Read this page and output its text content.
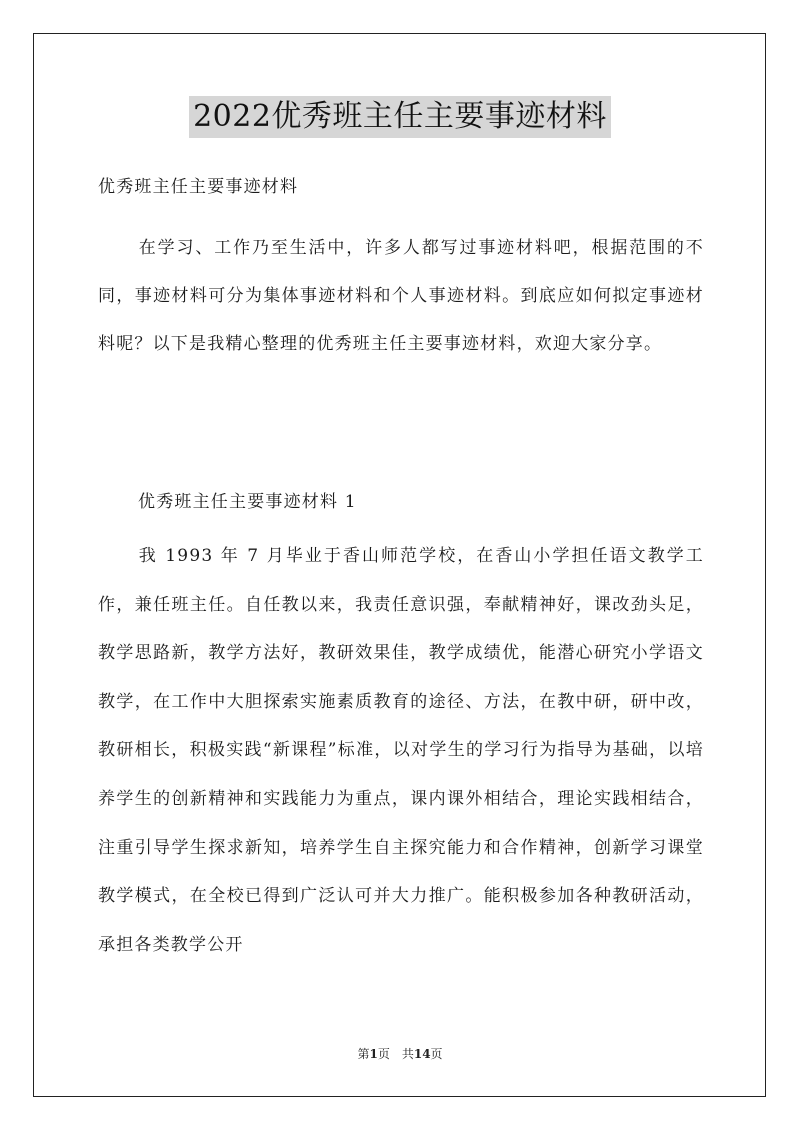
2022优秀班主任主要事迹材料
优秀班主任主要事迹材料
在学习、工作乃至生活中，许多人都写过事迹材料吧，根据范围的不同，事迹材料可分为集体事迹材料和个人事迹材料。到底应如何拟定事迹材料呢？以下是我精心整理的优秀班主任主要事迹材料，欢迎大家分享。
优秀班主任主要事迹材料 1
我 1993 年 7 月毕业于香山师范学校，在香山小学担任语文教学工作，兼任班主任。自任教以来，我责任意识强，奉献精神好，课改劲头足，教学思路新，教学方法好，教研效果佳，教学成绩优，能潜心研究小学语文教学，在工作中大胆探索实施素质教育的途径、方法，在教中研，研中改，教研相长，积极实践“新课程”标准，以对学生的学习行为指导为基础，以培养学生的创新精神和实践能力为重点，课内课外相结合，理论实践相结合，注重引导学生探求新知，培养学生自主探究能力和合作精神，创新学习课堂教学模式，在全校已得到广泛认可并大力推广。能积极参加各种教研活动，承担各类教学公开
第1页 共14页
